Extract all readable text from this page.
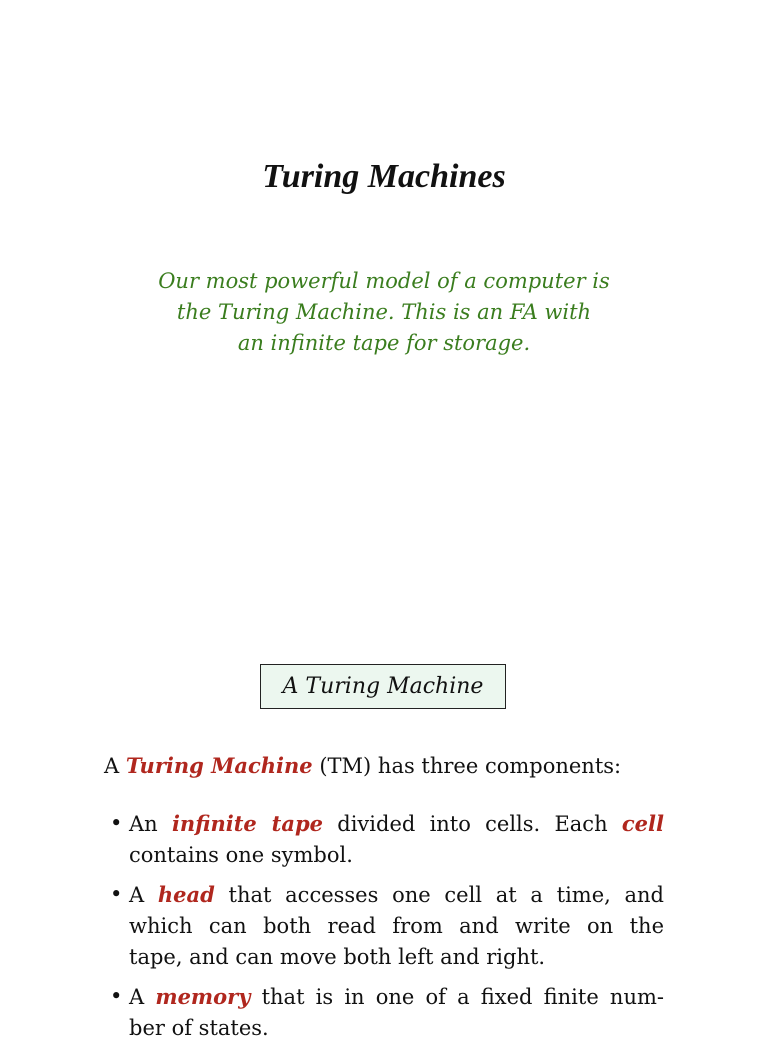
Turing Machines
Our most powerful model of a computer is
the Turing Machine. This is an FA with
an infinite tape for storage.
A Turing Machine
A Turing Machine (TM) has three components:
• An infinite tape divided into cells. Each cell
contains one symbol.
• A head that accesses one cell at a time, and
which can both read from and write on the
tape, and can move both left and right.
• A memory that is in one of a fixed finite num-
ber of states.
